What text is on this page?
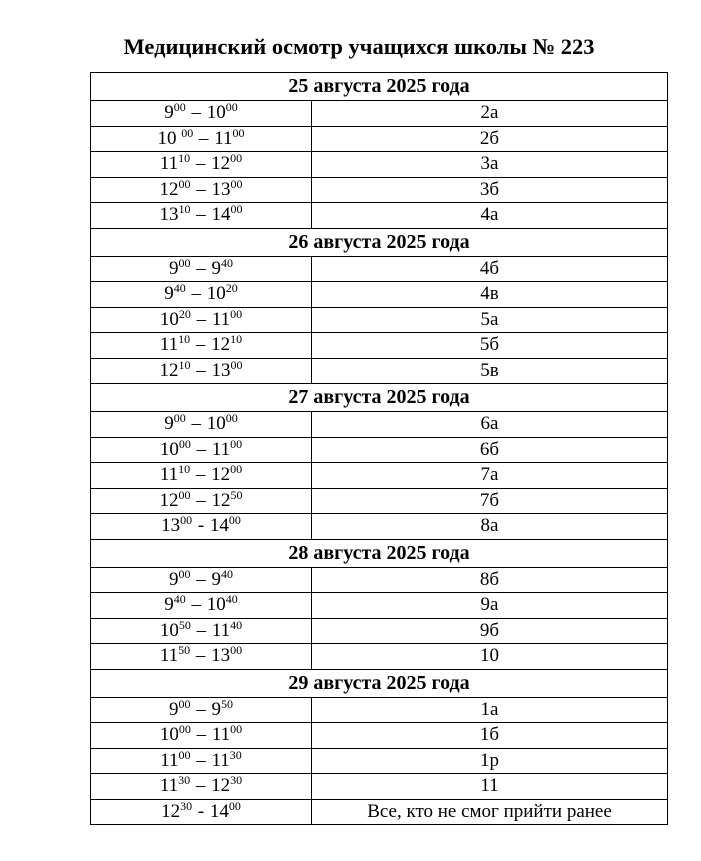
Медицинский осмотр учащихся школы № 223
25 августа 2025 года	
$9^{00} - 10^{00}$	2а
10 $^{00} - 11^{00}$	2б
$11^{10} - 12^{00}$	3а
$12^{00} - 13^{00}$	3б
$13^{10} - 14^{00}$	4а
26 августа 2025 года	
$9^{00} - 9^{40}$	4б
$9^{40} - 10^{20}$	4в
$10^{20} - 11^{00}$	5а
$11^{10} - 12^{10}$	5б
$12^{10} - 13^{00}$	5в
27 августа 2025 года	
$9^{00} - 10^{00}$	6а
$10^{00} - 11^{00}$	6б
$11^{10} - 12^{00}$	7а
$12^{00} - 12^{50}$	7б
$13^{00} - 14^{00}$	8а
28 августа 2025 года	
$9^{00} - 9^{40}$	8б
$9^{40} - 10^{40}$	9а
$10^{50} - 11^{40}$	9б
$11^{50} - 13^{00}$	10
29 августа 2025 года	
$9^{00} - 9^{50}$	1а
$10^{00} - 11^{00}$	1б
$11^{00} - 11^{30}$	1р
$11^{30} - 12^{30}$	11
$12^{30} - 14^{00}$	Все, кто не смог прийти ранее
